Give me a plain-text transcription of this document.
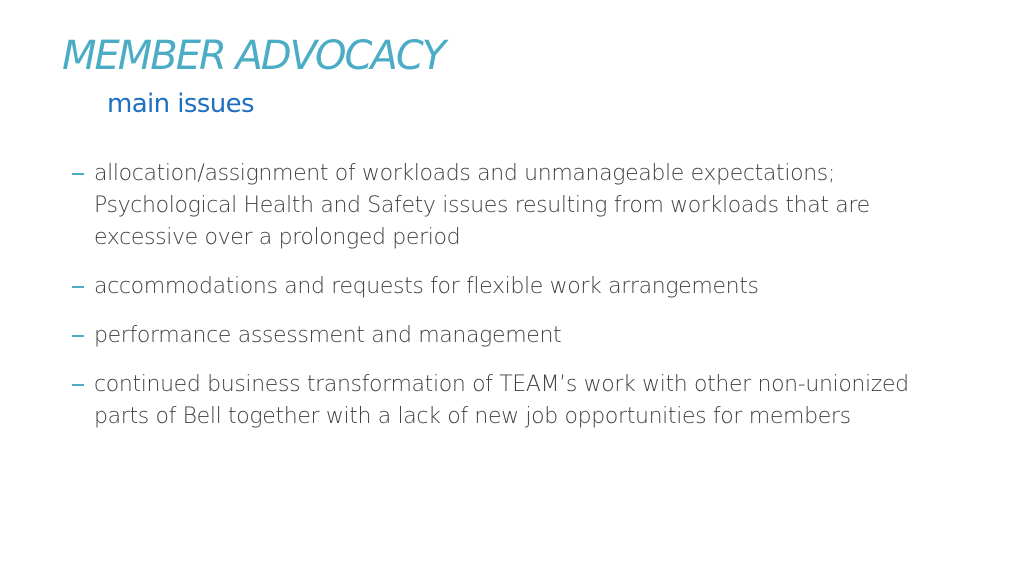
MEMBER ADVOCACY
main issues
allocation/assignment of workloads and unmanageable expectations; Psychological Health and Safety issues resulting from workloads that are excessive over a prolonged period
accommodations and requests for flexible work arrangements
performance assessment and management
continued business transformation of TEAM’s work with other non-unionized parts of Bell together with a lack of new job opportunities for members
